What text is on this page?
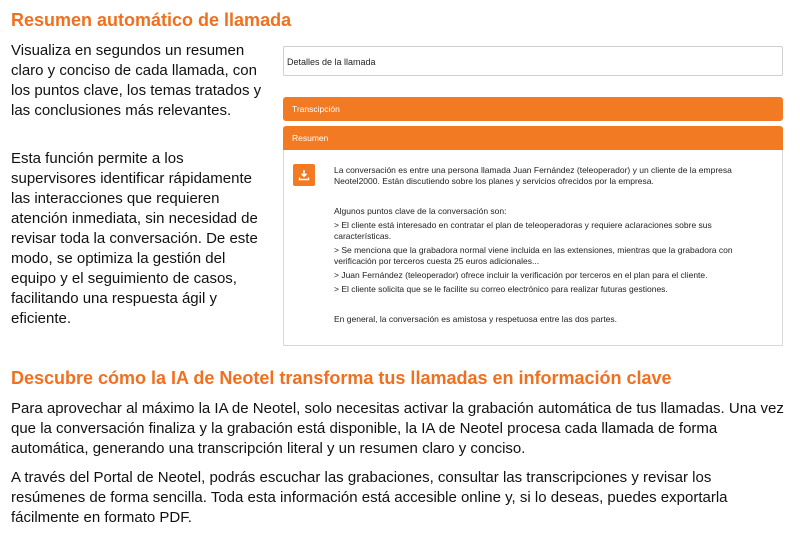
Resumen automático de llamada

Visualiza en segundos un resumen claro y conciso de cada llamada, con los puntos clave, los temas tratados y las conclusiones más relevantes.

Esta función permite a los supervisores identificar rápidamente las interacciones que requieren atención inmediata, sin necesidad de revisar toda la conversación. De este modo, se optimiza la gestión del equipo y el seguimiento de casos, facilitando una respuesta ágil y eficiente.

Detalles de la llamada
Transcipción
Resumen

La conversación es entre una persona llamada Juan Fernández (teleoperador) y un cliente de la empresa Neotel2000. Están discutiendo sobre los planes y servicios ofrecidos por la empresa.

Algunos puntos clave de la conversación son:

> El cliente está interesado en contratar el plan de teleoperadoras y requiere aclaraciones sobre sus características.

> Se menciona que la grabadora normal viene incluida en las extensiones, mientras que la grabadora con verificación por terceros cuesta 25 euros adicionales...

> Juan Fernández (teleoperador) ofrece incluir la verificación por terceros en el plan para el cliente.

> El cliente solicita que se le facilite su correo electrónico para realizar futuras gestiones.

En general, la conversación es amistosa y respetuosa entre las dos partes.

Descubre cómo la IA de Neotel transforma tus llamadas en información clave

Para aprovechar al máximo la IA de Neotel, solo necesitas activar la grabación automática de tus llamadas. Una vez que la conversación finaliza y la grabación está disponible, la IA de Neotel procesa cada llamada de forma automática, generando una transcripción literal y un resumen claro y conciso.

A través del Portal de Neotel, podrás escuchar las grabaciones, consultar las transcripciones y revisar los resúmenes de forma sencilla. Toda esta información está accesible online y, si lo deseas, puedes exportarla fácilmente en formato PDF.
